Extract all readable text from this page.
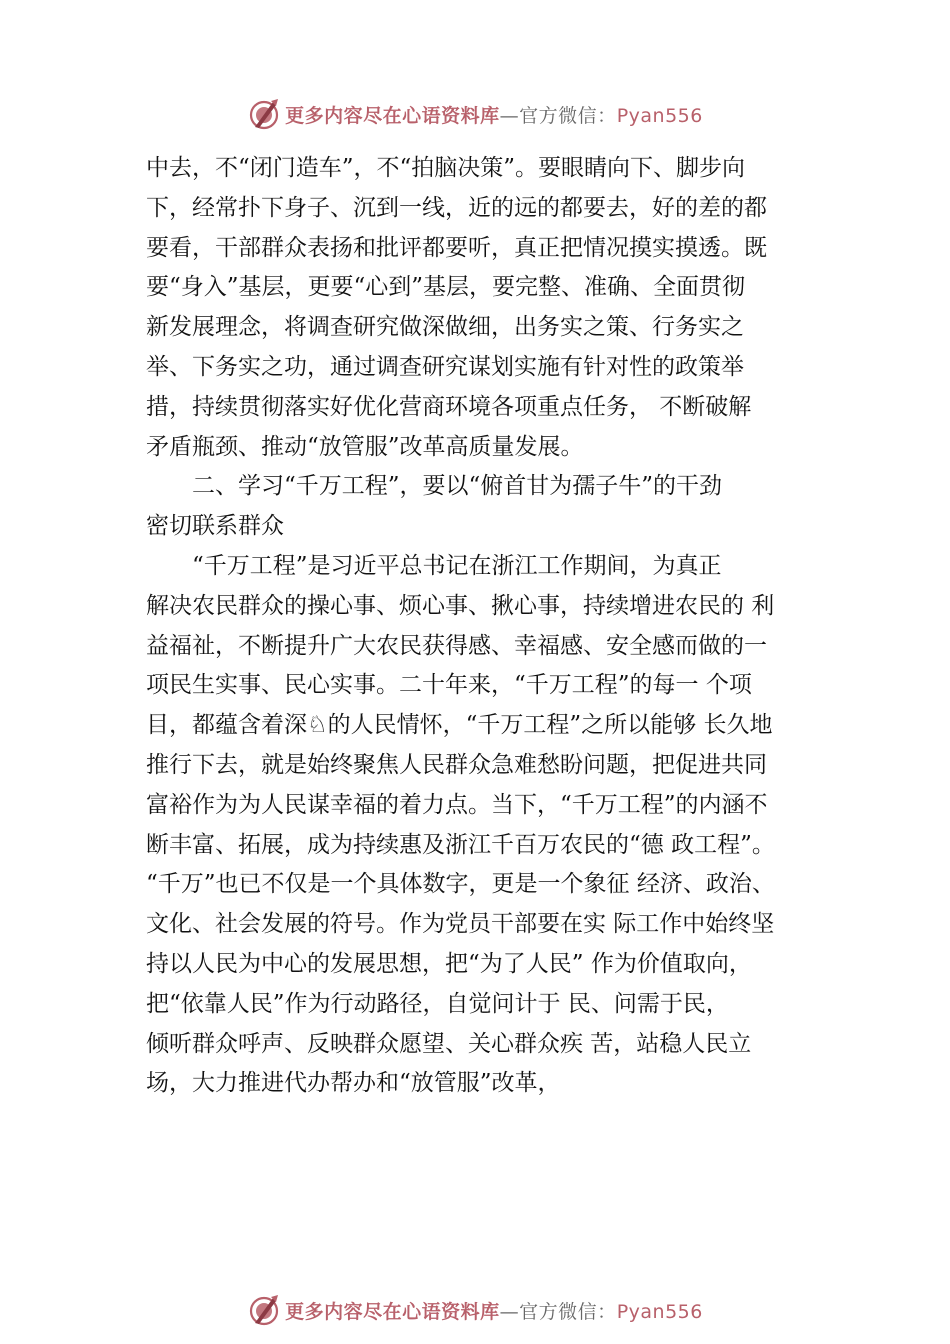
更多内容尽在心语资料库—官方微信：Pyan556
中去，不“闭门造车”，不“拍脑决策”。要眼睛向下、脚步向
下，经常扑下身子、沉到一线，近的远的都要去，好的差的都
要看，干部群众表扬和批评都要听，真正把情况摸实摸透。既
要“身入”基层，更要“心到”基层，要完整、准确、全面贯彻
新发展理念，将调查研究做深做细，出务实之策、行务实之
举、下务实之功，通过调查研究谋划实施有针对性的政策举
措，持续贯彻落实好优化营商环境各项重点任务， 不断破解
矛盾瓶颈、推动“放管服”改革高质量发展。
二、学习“千万工程”，要以“俯首甘为孺子牛”的干劲
密切联系群众
“千万工程”是习近平总书记在浙江工作期间，为真正
解决农民群众的操心事、烦心事、揪心事，持续增进农民的 利
益福祉，不断提升广大农民获得感、幸福感、安全感而做的一
项民生实事、民心实事。二十年来，“千万工程”的每一 个项
目，都蕴含着深♘的人民情怀，“千万工程”之所以能够 长久地
推行下去，就是始终聚焦人民群众急难愁盼问题，把促进共同
富裕作为为人民谋幸福的着力点。当下，“千万工程”的内涵不
断丰富、拓展，成为持续惠及浙江千百万农民的“德 政工程”。
“千万”也已不仅是一个具体数字，更是一个象征 经济、政治、
文化、社会发展的符号。作为党员干部要在实 际工作中始终坚
持以人民为中心的发展思想，把“为了人民” 作为价值取向，
把“依靠人民”作为行动路径，自觉问计于 民、问需于民，
倾听群众呼声、反映群众愿望、关心群众疾 苦，站稳人民立
场，大力推进代办帮办和“放管服”改革，
更多内容尽在心语资料库—官方微信：Pyan556
